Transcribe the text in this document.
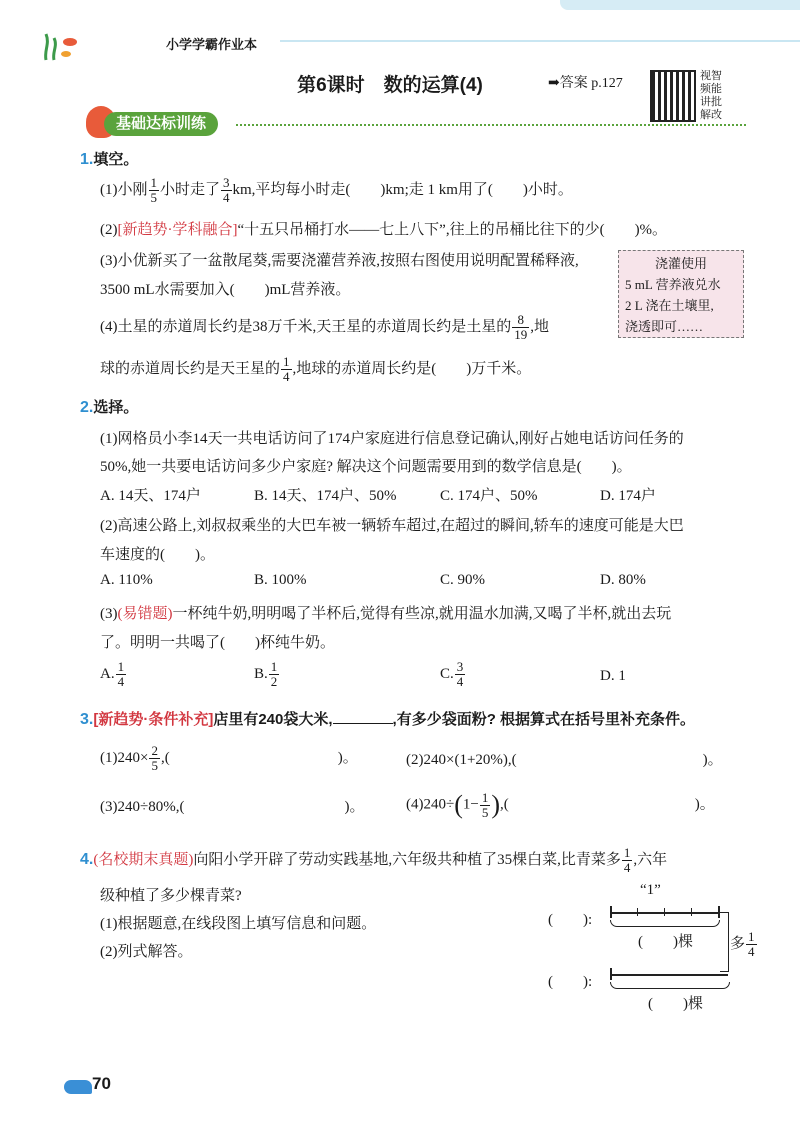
小学学霸作业本
第6课时　数的运算(4)	➡答案 p.127	视智
频能
讲批
解改
基础达标训练
1.填空。
(1)小刚 $\frac{1}{5}$ 小时走了 $\frac{3}{4}$ km,平均每小时走(　　)km;走 1 km用了(　　)小时。
(2)[新趋势·学科融合]“十五只吊桶打水——七上八下”,往上的吊桶比往下的少(　　)%。
(3)小优新买了一盆散尾葵,需要浇灌营养液,按照右图使用说明配置稀释液,
3500 mL水需要加入(　　)mL营养液。
浇灌使用
5 mL 营养液兑水
2 L 浇在土壤里,
浇透即可……
(4)土星的赤道周长约是38万千米,天王星的赤道周长约是土星的 $\frac{8}{19}$ ,地
球的赤道周长约是天王星的 $\frac{1}{4}$ ,地球的赤道周长约是(　　)万千米。
2.选择。
(1)网格员小李14天一共电话访问了174户家庭进行信息登记确认,刚好占她电话访问任务的
50%,她一共要电话访问多少户家庭? 解决这个问题需要用到的数学信息是(　　)。
A. 14天、174户	B. 14天、174户、50%	C. 174户、50%	D. 174户
(2)高速公路上,刘叔叔乘坐的大巴车被一辆轿车超过,在超过的瞬间,轿车的速度可能是大巴
车速度的(　　)。
A. 110%	B. 100%	C. 90%	D. 80%
(3)(易错题)一杯纯牛奶,明明喝了半杯后,觉得有些凉,就用温水加满,又喝了半杯,就出去玩
了。明明一共喝了(　　)杯纯牛奶。
A. $\frac{1}{4}$	B. $\frac{1}{2}$	C. $\frac{3}{4}$	D. 1
3.[新趋势·条件补充]店里有240袋大米,	,有多少袋面粉? 根据算式在括号里补充条件。
$(1)240\times \frac{2}{5}$ ,(	)。	(2)240×(1+20%),(	)。
(3)240÷80%,(	)。	$(4)240\div(1- \frac{1}{5}$ ),(	)。
4.(名校期末真题)向阳小学开辟了劳动实践基地,六年级共种植了35棵白菜,比青菜多 $\frac{1}{4}$ ,六年
级种植了多少棵青菜?
(1)根据题意,在线段图上填写信息和问题。
(2)列式解答。
“1”
(　　):
(　　)棵 多 $\frac{1}{4}$
(　　):
(　　)棵
70
